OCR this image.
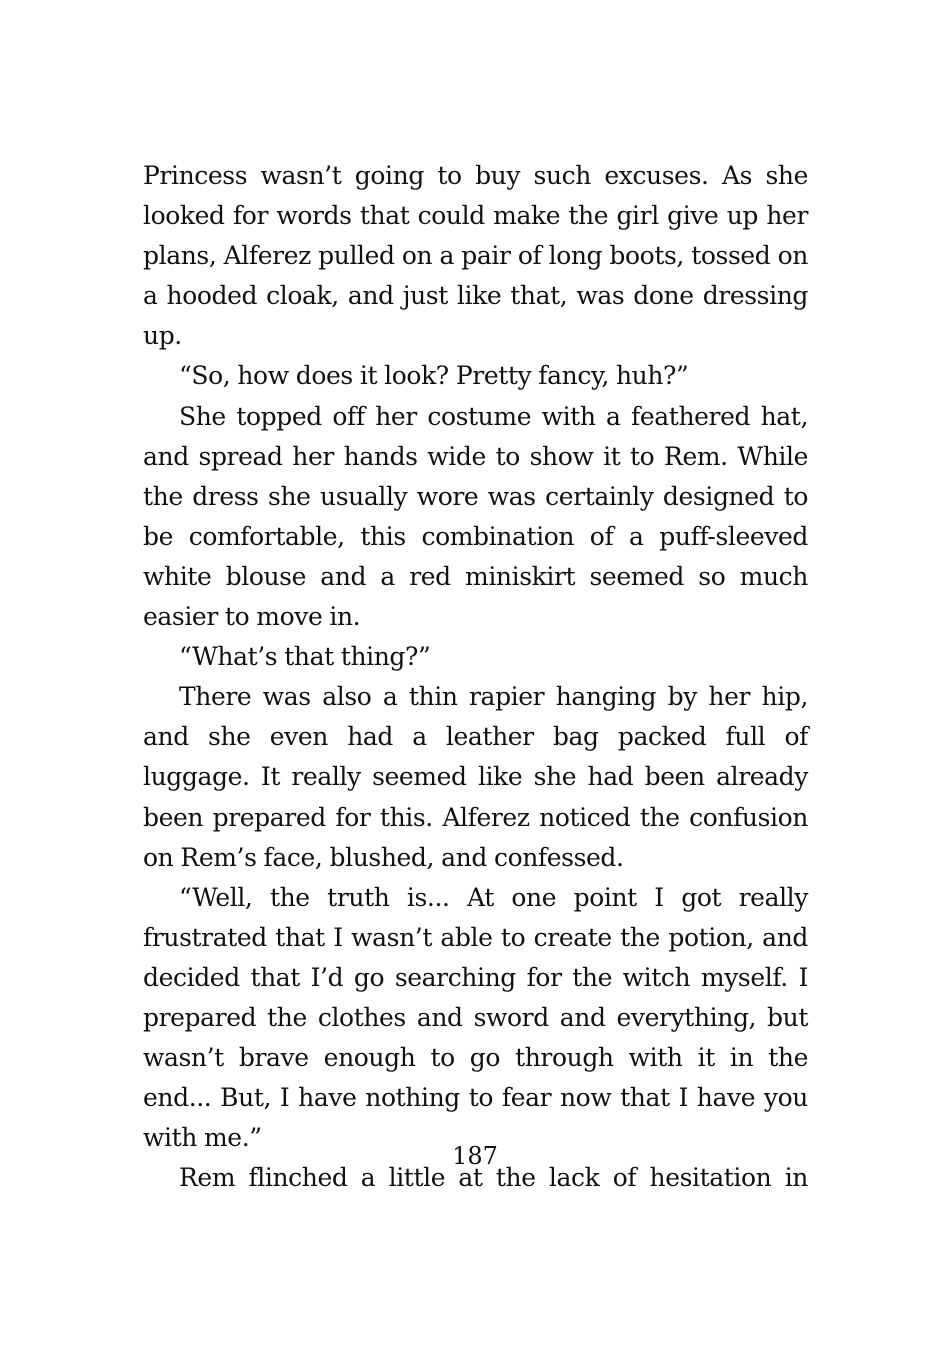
Princess wasn’t going to buy such excuses. As she looked for words that could make the girl give up her plans, Alferez pulled on a pair of long boots, tossed on a hooded cloak, and just like that, was done dressing up.

“So, how does it look? Pretty fancy, huh?”

She topped off her costume with a feathered hat, and spread her hands wide to show it to Rem. While the dress she usually wore was certainly designed to be comfortable, this combination of a puff-sleeved white blouse and a red miniskirt seemed so much easier to move in.

“What’s that thing?”

There was also a thin rapier hanging by her hip, and she even had a leather bag packed full of luggage. It really seemed like she had been already been prepared for this. Alferez noticed the confusion on Rem’s face, blushed, and confessed.

“Well, the truth is... At one point I got really frustrated that I wasn’t able to create the potion, and decided that I’d go searching for the witch myself. I prepared the clothes and sword and everything, but wasn’t brave enough to go through with it in the end... But, I have nothing to fear now that I have you with me.”

Rem flinched a little at the lack of hesitation in

187
